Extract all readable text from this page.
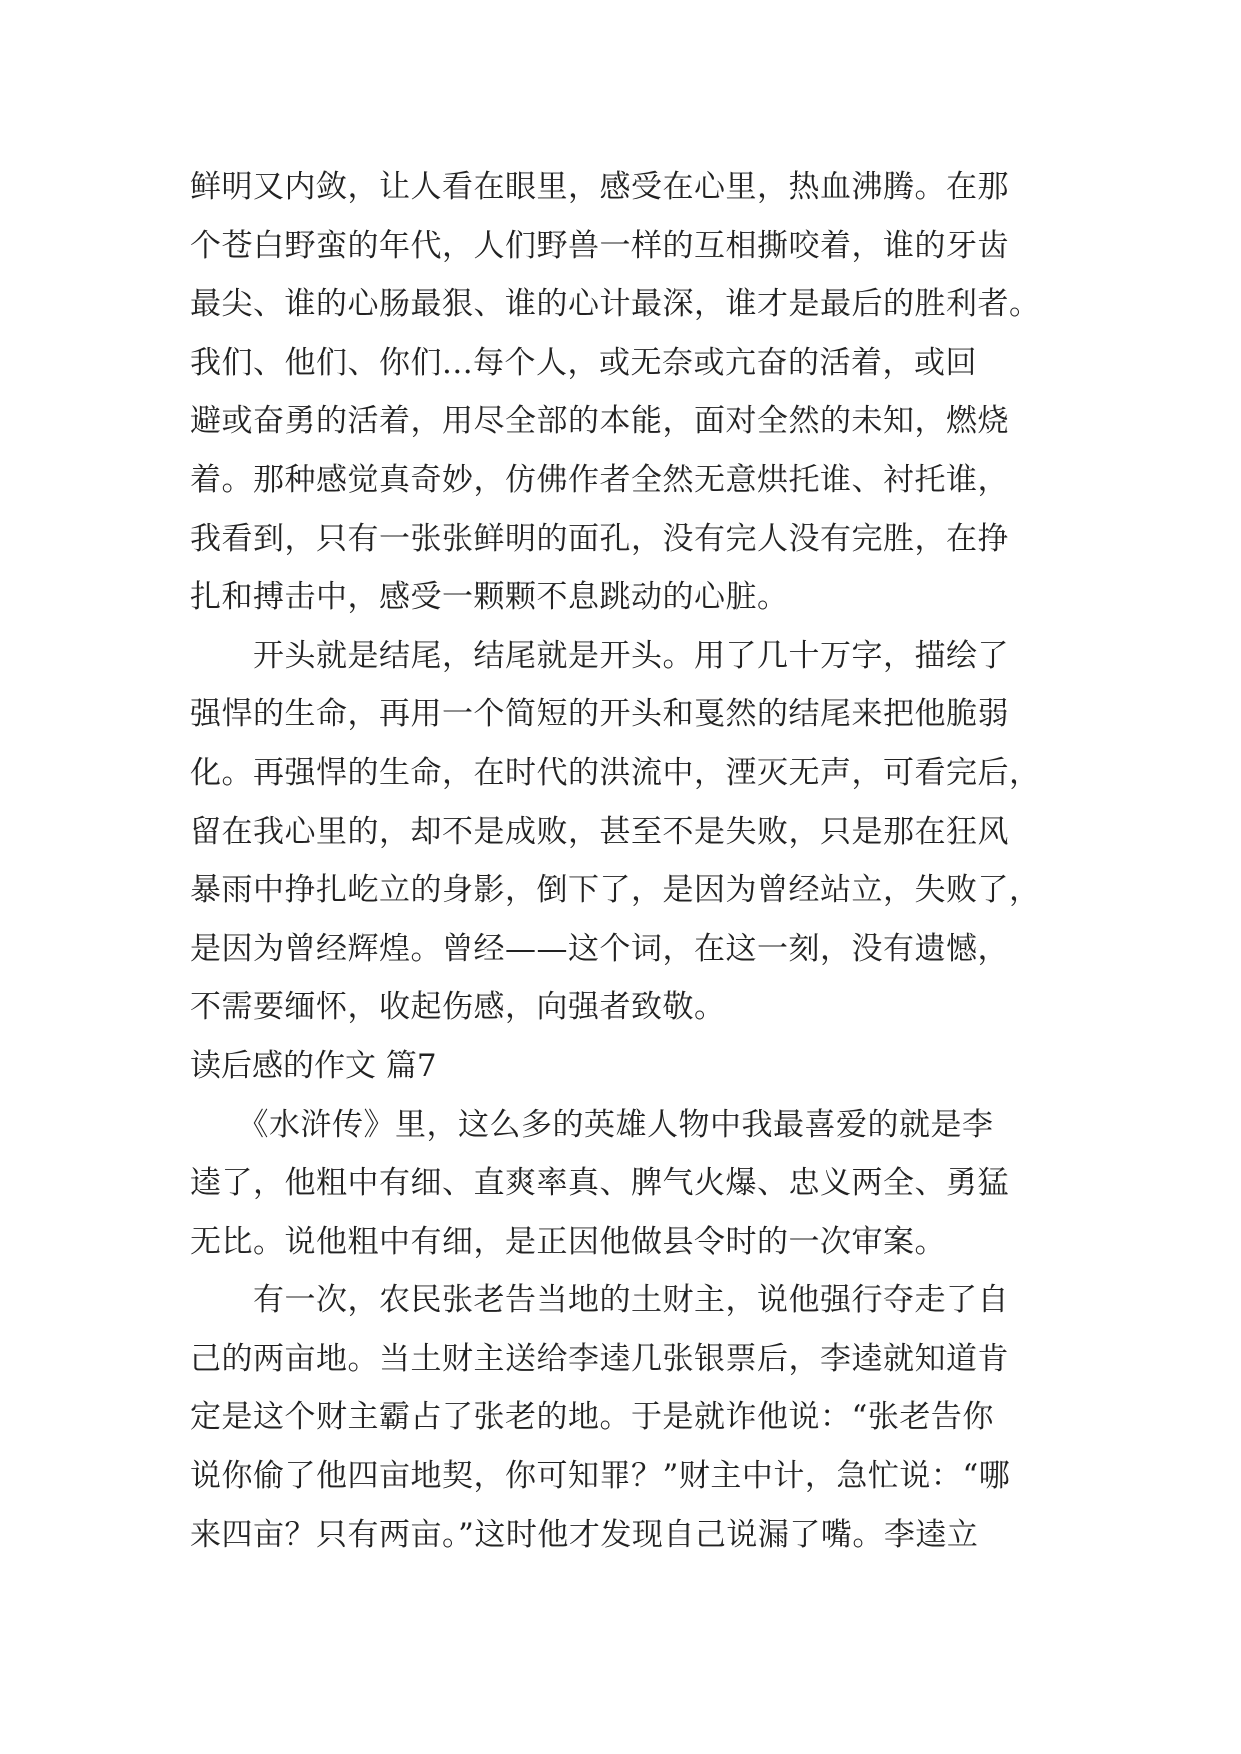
鲜明又内敛，让人看在眼里，感受在心里，热血沸腾。在那
个苍白野蛮的年代，人们野兽一样的互相撕咬着，谁的牙齿
最尖、谁的心肠最狠、谁的心计最深，谁才是最后的胜利者。
我们、他们、你们...每个人，或无奈或亢奋的活着，或回
避或奋勇的活着，用尽全部的本能，面对全然的未知，燃烧
着。那种感觉真奇妙，仿佛作者全然无意烘托谁、衬托谁，
我看到，只有一张张鲜明的面孔，没有完人没有完胜，在挣
扎和搏击中，感受一颗颗不息跳动的心脏。
　　开头就是结尾，结尾就是开头。用了几十万字，描绘了
强悍的生命，再用一个简短的开头和戛然的结尾来把他脆弱
化。再强悍的生命，在时代的洪流中，湮灭无声，可看完后，
留在我心里的，却不是成败，甚至不是失败，只是那在狂风
暴雨中挣扎屹立的身影，倒下了，是因为曾经站立，失败了，
是因为曾经辉煌。曾经——这个词，在这一刻，没有遗憾，
不需要缅怀，收起伤感，向强者致敬。
读后感的作文 篇7
　　《水浒传》里，这么多的英雄人物中我最喜爱的就是李
逵了，他粗中有细、直爽率真、脾气火爆、忠义两全、勇猛
无比。说他粗中有细，是正因他做县令时的一次审案。
　　有一次，农民张老告当地的土财主，说他强行夺走了自
己的两亩地。当土财主送给李逵几张银票后，李逵就知道肯
定是这个财主霸占了张老的地。于是就诈他说：“张老告你
说你偷了他四亩地契，你可知罪？”财主中计，急忙说：“哪
来四亩？只有两亩。”这时他才发现自己说漏了嘴。李逵立
